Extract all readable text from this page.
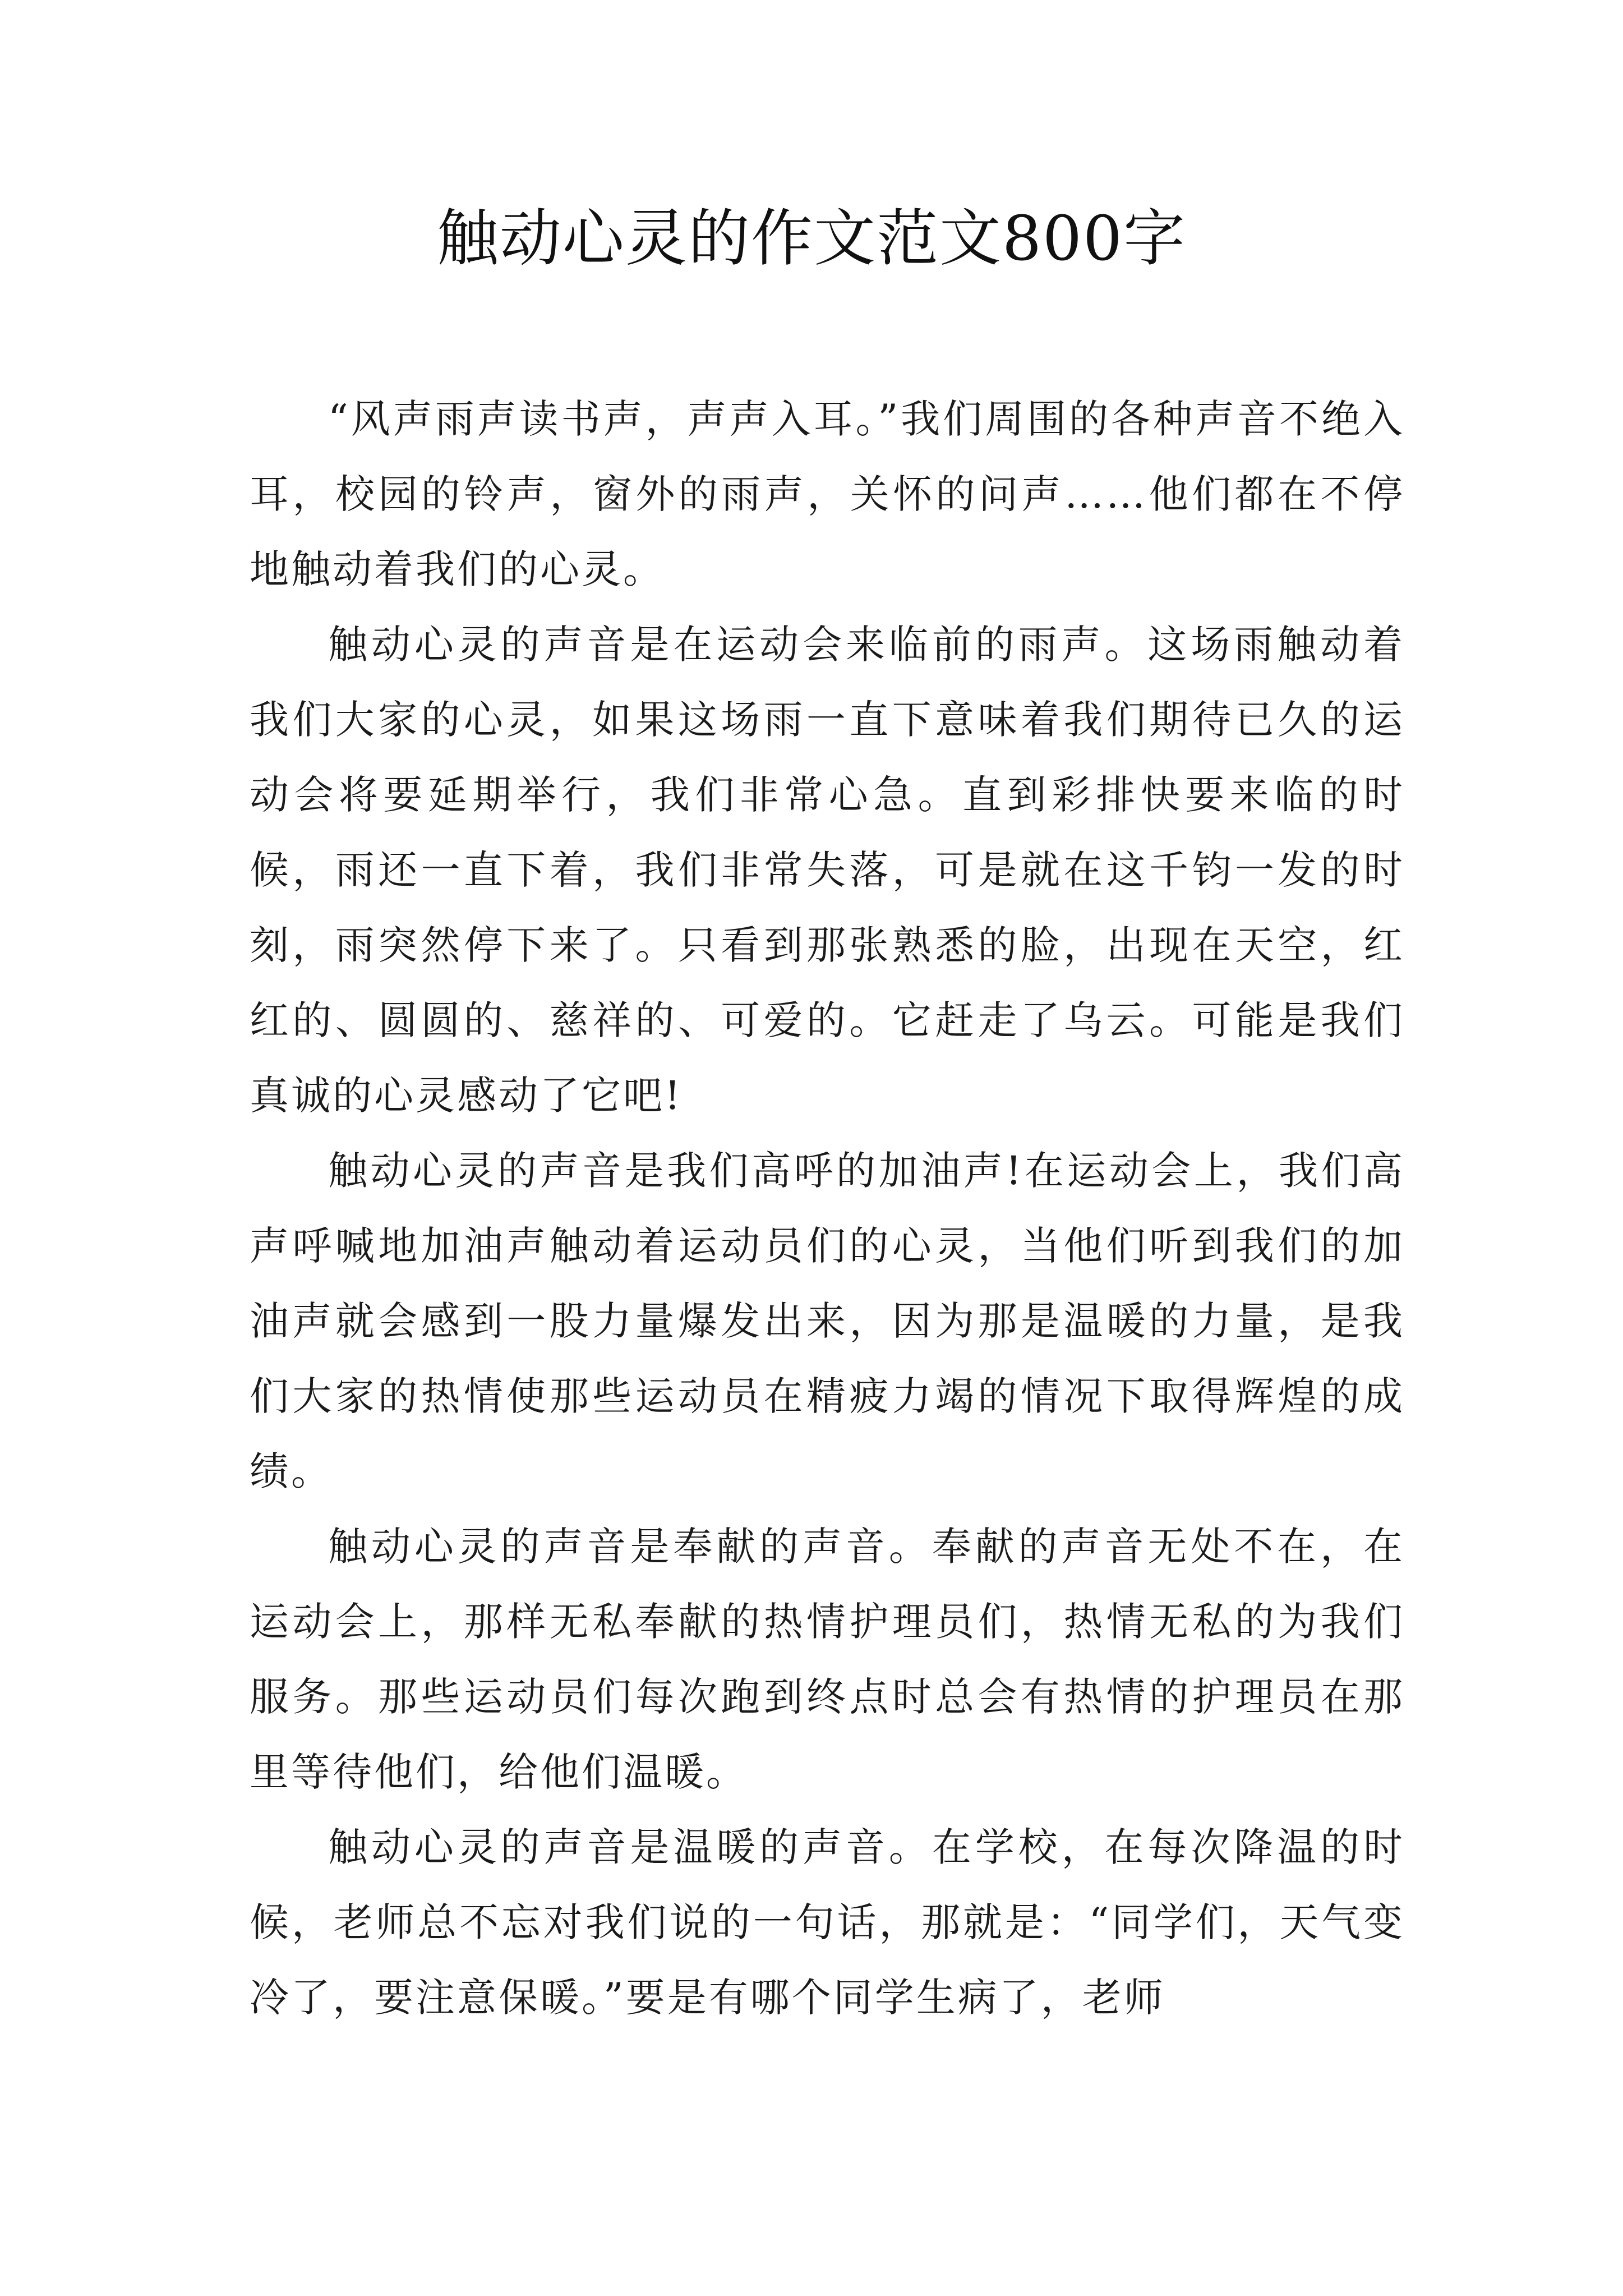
触动心灵的作文范文800字

“风声雨声读书声，声声入耳。”我们周围的各种声音不绝入耳，校园的铃声，窗外的雨声，关怀的问声……他们都在不停地触动着我们的心灵。

触动心灵的声音是在运动会来临前的雨声。这场雨触动着我们大家的心灵，如果这场雨一直下意味着我们期待已久的运动会将要延期举行，我们非常心急。直到彩排快要来临的时候，雨还一直下着，我们非常失落，可是就在这千钧一发的时刻，雨突然停下来了。只看到那张熟悉的脸，出现在天空，红红的、圆圆的、慈祥的、可爱的。它赶走了乌云。可能是我们真诚的心灵感动了它吧!

触动心灵的声音是我们高呼的加油声!在运动会上，我们高声呼喊地加油声触动着运动员们的心灵，当他们听到我们的加油声就会感到一股力量爆发出来，因为那是温暖的力量，是我们大家的热情使那些运动员在精疲力竭的情况下取得辉煌的成绩。

触动心灵的声音是奉献的声音。奉献的声音无处不在，在运动会上，那样无私奉献的热情护理员们，热情无私的为我们服务。那些运动员们每次跑到终点时总会有热情的护理员在那里等待他们，给他们温暖。

触动心灵的声音是温暖的声音。在学校，在每次降温的时候，老师总不忘对我们说的一句话，那就是：“同学们，天气变冷了，要注意保暖。”要是有哪个同学生病了，老师
